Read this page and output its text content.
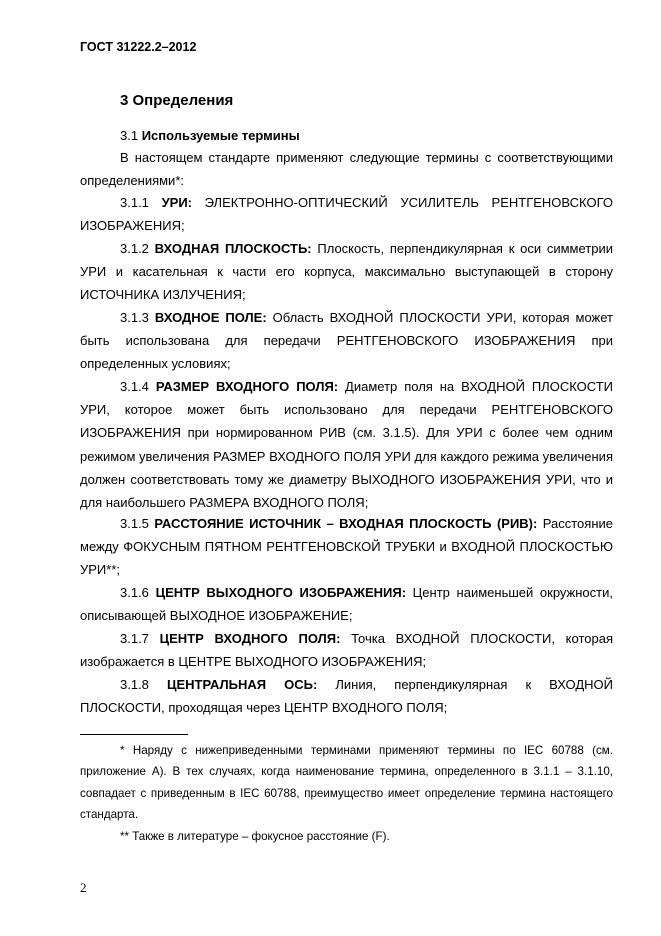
ГОСТ 31222.2–2012
3 Определения
3.1 Используемые термины
В настоящем стандарте применяют следующие термины с соответствующими определениями*:
3.1.1 УРИ: ЭЛЕКТРОННО-ОПТИЧЕСКИЙ УСИЛИТЕЛЬ РЕНТГЕНОВСКОГО ИЗОБРАЖЕНИЯ;
3.1.2 ВХОДНАЯ ПЛОСКОСТЬ: Плоскость, перпендикулярная к оси симметрии УРИ и касательная к части его корпуса, максимально выступающей в сторону ИСТОЧНИКА ИЗЛУЧЕНИЯ;
3.1.3 ВХОДНОЕ ПОЛЕ: Область ВХОДНОЙ ПЛОСКОСТИ УРИ, которая может быть использована для передачи РЕНТГЕНОВСКОГО ИЗОБРАЖЕНИЯ при определенных условиях;
3.1.4 РАЗМЕР ВХОДНОГО ПОЛЯ: Диаметр поля на ВХОДНОЙ ПЛОСКОСТИ УРИ, которое может быть использовано для передачи РЕНТГЕНОВСКОГО ИЗОБРАЖЕНИЯ при нормированном РИВ (см. 3.1.5). Для УРИ с более чем одним режимом увеличения РАЗМЕР ВХОДНОГО ПОЛЯ УРИ для каждого режима увеличения должен соответствовать тому же диаметру ВЫХОДНОГО ИЗОБРАЖЕНИЯ УРИ, что и для наибольшего РАЗМЕРА ВХОДНОГО ПОЛЯ;
3.1.5 РАССТОЯНИЕ ИСТОЧНИК – ВХОДНАЯ ПЛОСКОСТЬ (РИВ): Расстояние между ФОКУСНЫМ ПЯТНОМ РЕНТГЕНОВСКОЙ ТРУБКИ и ВХОДНОЙ ПЛОСКОСТЬЮ УРИ**;
3.1.6 ЦЕНТР ВЫХОДНОГО ИЗОБРАЖЕНИЯ: Центр наименьшей окружности, описывающей ВЫХОДНОЕ ИЗОБРАЖЕНИЕ;
3.1.7 ЦЕНТР ВХОДНОГО ПОЛЯ: Точка ВХОДНОЙ ПЛОСКОСТИ, которая изображается в ЦЕНТРЕ ВЫХОДНОГО ИЗОБРАЖЕНИЯ;
3.1.8 ЦЕНТРАЛЬНАЯ ОСЬ: Линия, перпендикулярная к ВХОДНОЙ ПЛОСКОСТИ, проходящая через ЦЕНТР ВХОДНОГО ПОЛЯ;
* Наряду с нижеприведенными терминами применяют термины по IEC 60788 (см. приложение А). В тех случаях, когда наименование термина, определенного в 3.1.1 – 3.1.10, совпадает с приведенным в IEC 60788, преимущество имеет определение термина настоящего стандарта.
** Также в литературе – фокусное расстояние (F).
2
